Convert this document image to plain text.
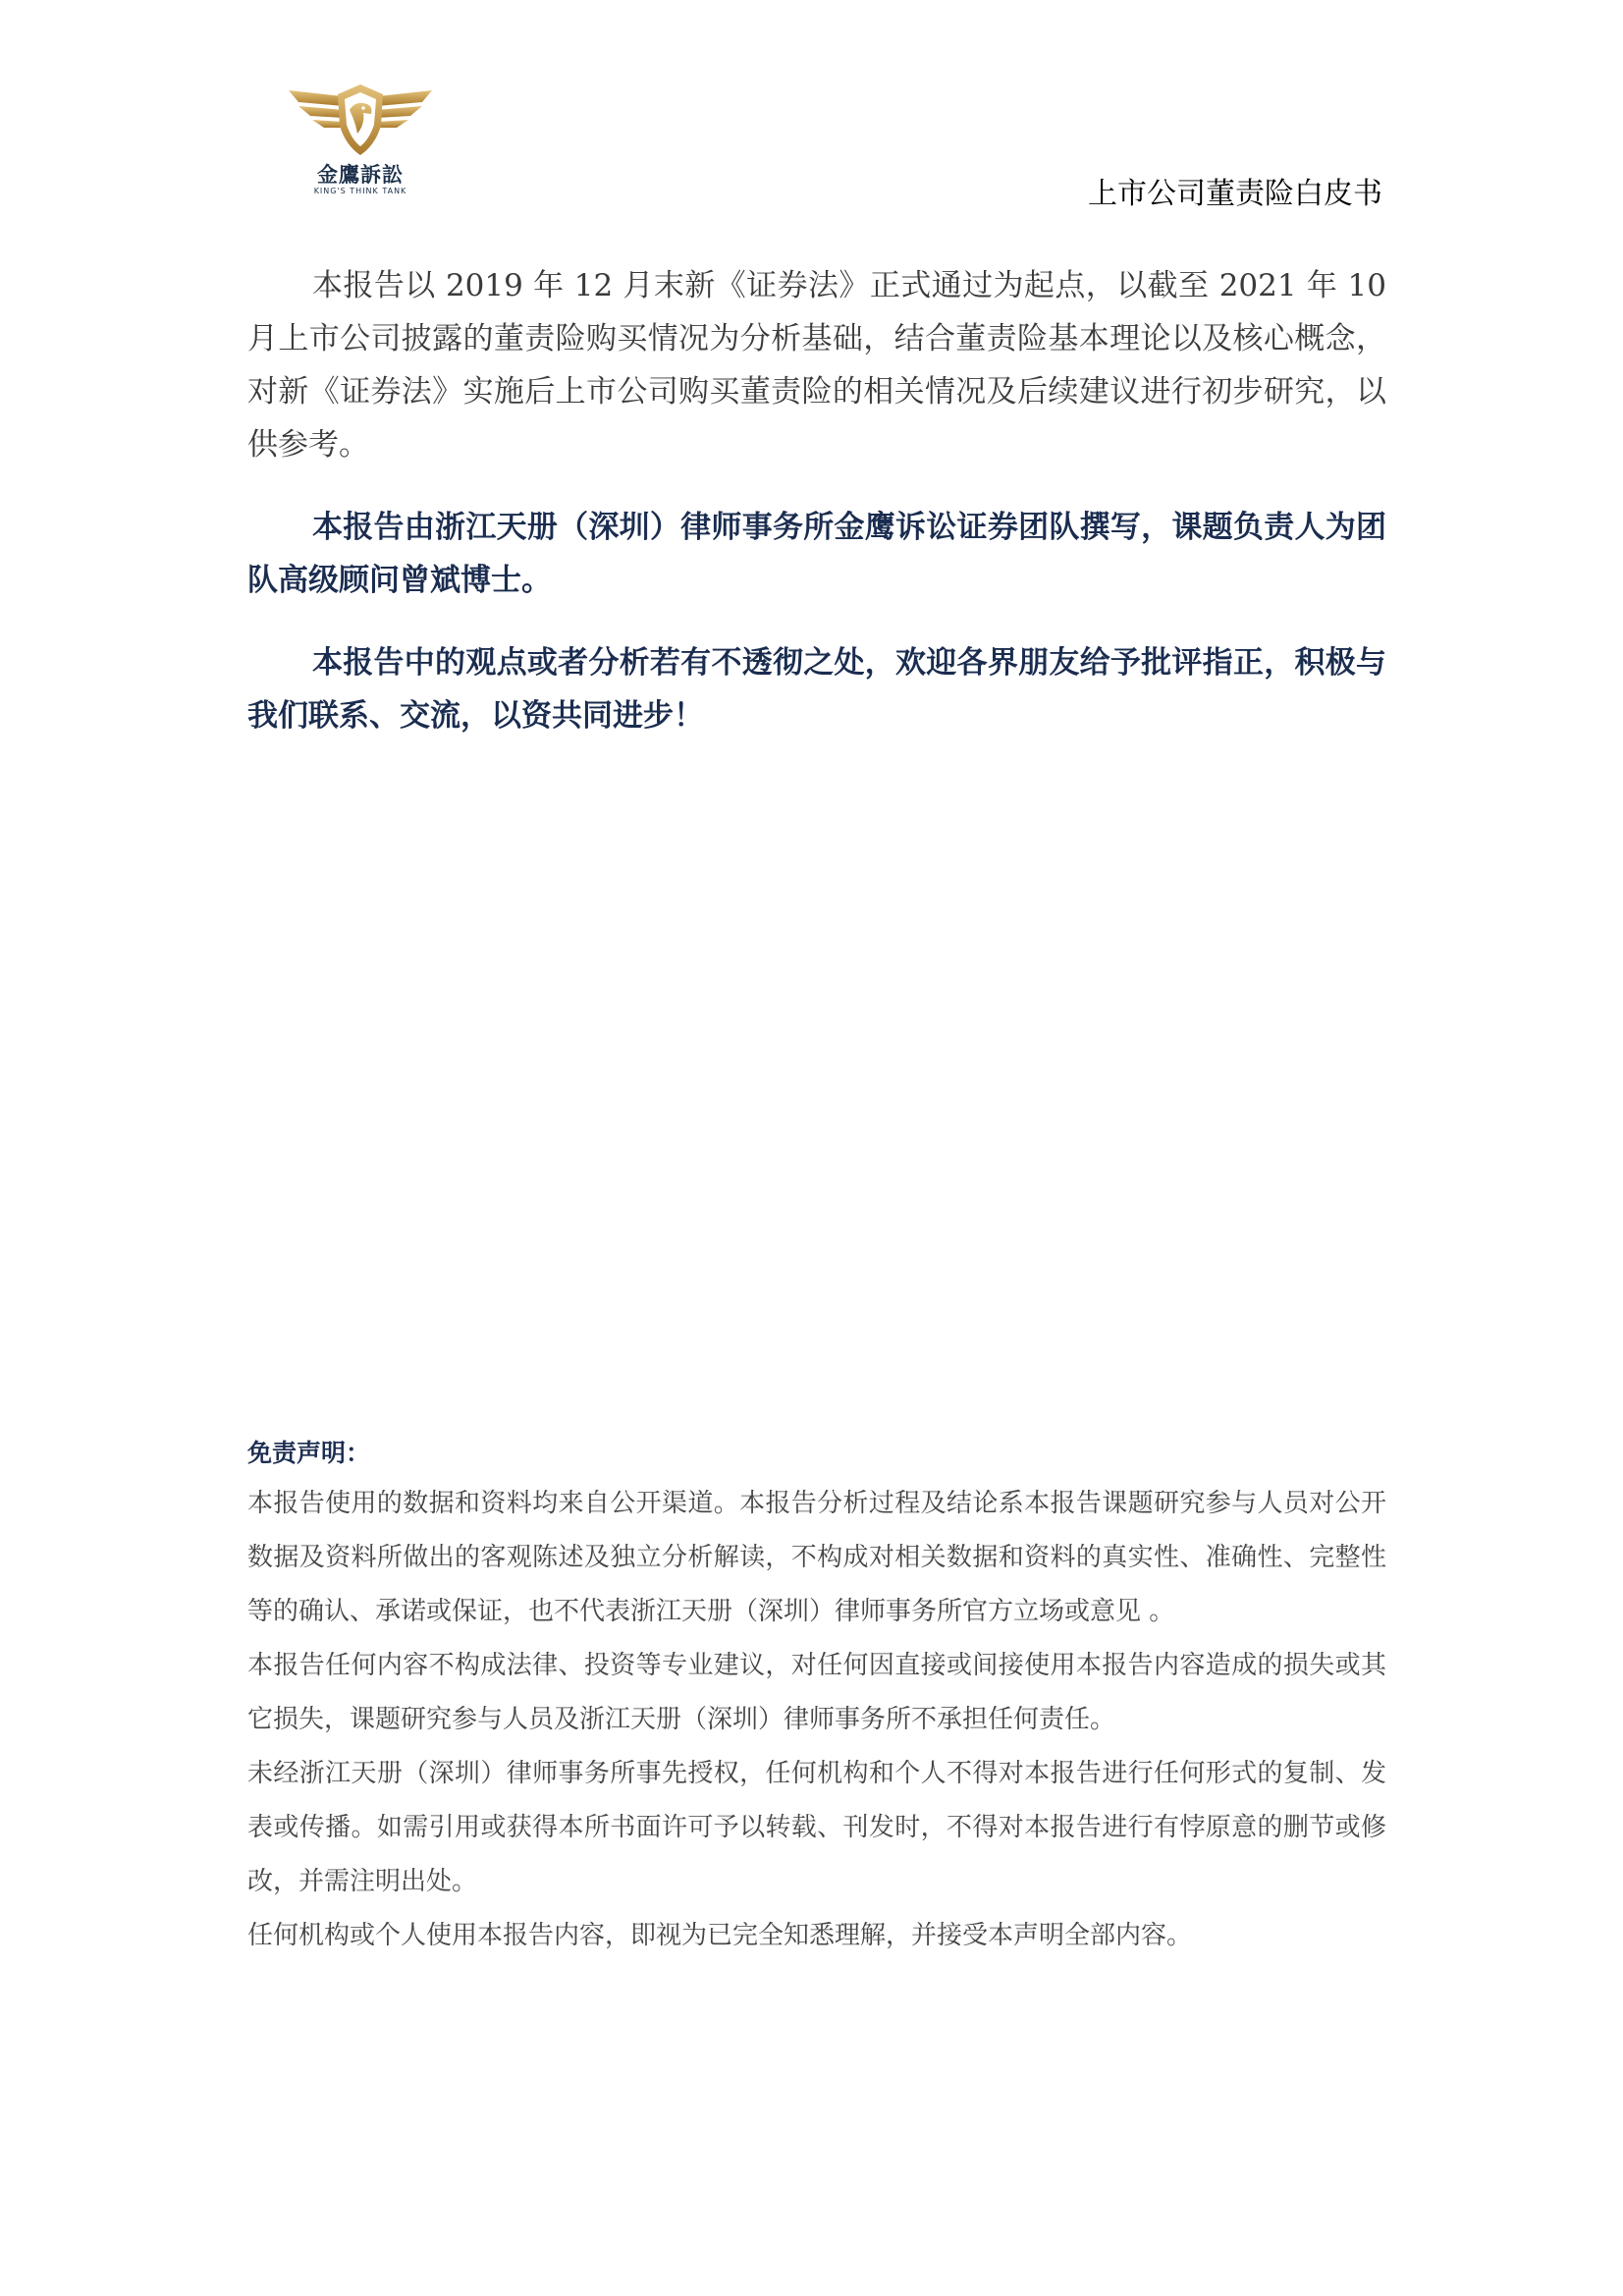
金鷹訴訟
KING'S THINK TANK	上市公司董责险白皮书

本报告以 2019 年 12 月末新《证券法》正式通过为起点，以截至 2021 年 10 月上市公司披露的董责险购买情况为分析基础，结合董责险基本理论以及核心概念，对新《证券法》实施后上市公司购买董责险的相关情况及后续建议进行初步研究，以供参考。

本报告由浙江天册（深圳）律师事务所金鹰诉讼证券团队撰写，课题负责人为团队高级顾问曾斌博士。

本报告中的观点或者分析若有不透彻之处，欢迎各界朋友给予批评指正，积极与我们联系、交流，以资共同进步！

免责声明：

本报告使用的数据和资料均来自公开渠道。本报告分析过程及结论系本报告课题研究参与人员对公开数据及资料所做出的客观陈述及独立分析解读，不构成对相关数据和资料的真实性、准确性、完整性等的确认、承诺或保证，也不代表浙江天册（深圳）律师事务所官方立场或意见 。

本报告任何内容不构成法律、投资等专业建议，对任何因直接或间接使用本报告内容造成的损失或其它损失，课题研究参与人员及浙江天册（深圳）律师事务所不承担任何责任。

未经浙江天册（深圳）律师事务所事先授权，任何机构和个人不得对本报告进行任何形式的复制、发表或传播。如需引用或获得本所书面许可予以转载、刊发时，不得对本报告进行有悖原意的删节或修改，并需注明出处。

任何机构或个人使用本报告内容，即视为已完全知悉理解，并接受本声明全部内容。
